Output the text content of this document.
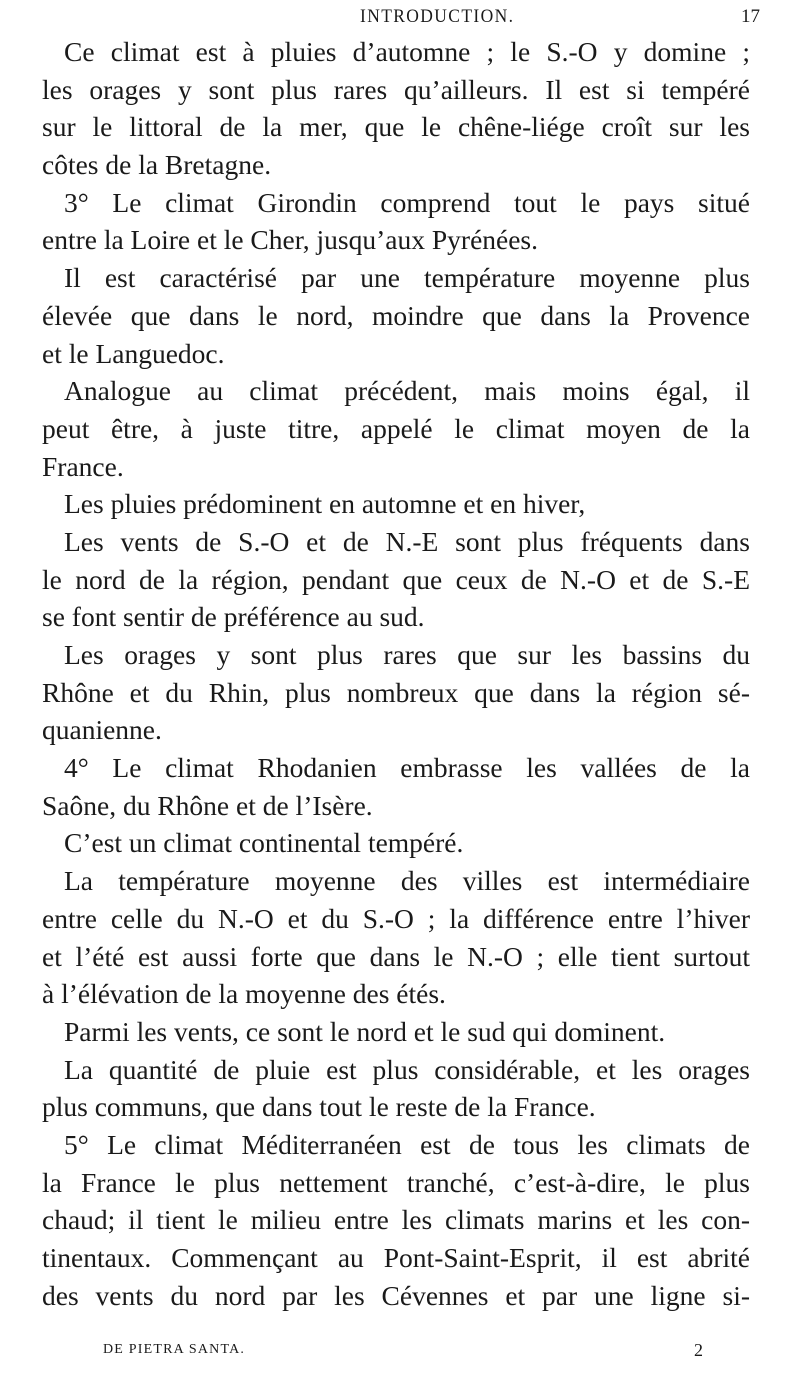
INTRODUCTION.	17
Ce climat est à pluies d’automne ; le S.-O y domine ;
les orages y sont plus rares qu’ailleurs. Il est si tempéré
sur le littoral de la mer, que le chêne-liége croît sur les
côtes de la Bretagne.
3° Le climat Girondin comprend tout le pays situé
entre la Loire et le Cher, jusqu’aux Pyrénées.
Il est caractérisé par une température moyenne plus
élevée que dans le nord, moindre que dans la Provence
et le Languedoc.
Analogue au climat précédent, mais moins égal, il
peut être, à juste titre, appelé le climat moyen de la
France.
Les pluies prédominent en automne et en hiver,
Les vents de S.-O et de N.-E sont plus fréquents dans
le nord de la région, pendant que ceux de N.-O et de S.-E
se font sentir de préférence au sud.
Les orages y sont plus rares que sur les bassins du
Rhône et du Rhin, plus nombreux que dans la région sé-
quanienne.
4° Le climat Rhodanien embrasse les vallées de la
Saône, du Rhône et de l’Isère.
C’est un climat continental tempéré.
La température moyenne des villes est intermédiaire
entre celle du N.-O et du S.-O ; la différence entre l’hiver
et l’été est aussi forte que dans le N.-O ; elle tient surtout
à l’élévation de la moyenne des étés.
Parmi les vents, ce sont le nord et le sud qui dominent.
La quantité de pluie est plus considérable, et les orages
plus communs, que dans tout le reste de la France.
5° Le climat Méditerranéen est de tous les climats de
la France le plus nettement tranché, c’est-à-dire, le plus
chaud; il tient le milieu entre les climats marins et les con-
tinentaux. Commençant au Pont-Saint-Esprit, il est abrité
des vents du nord par les Cévennes et par une ligne si-
DE PIETRA SANTA.	2
